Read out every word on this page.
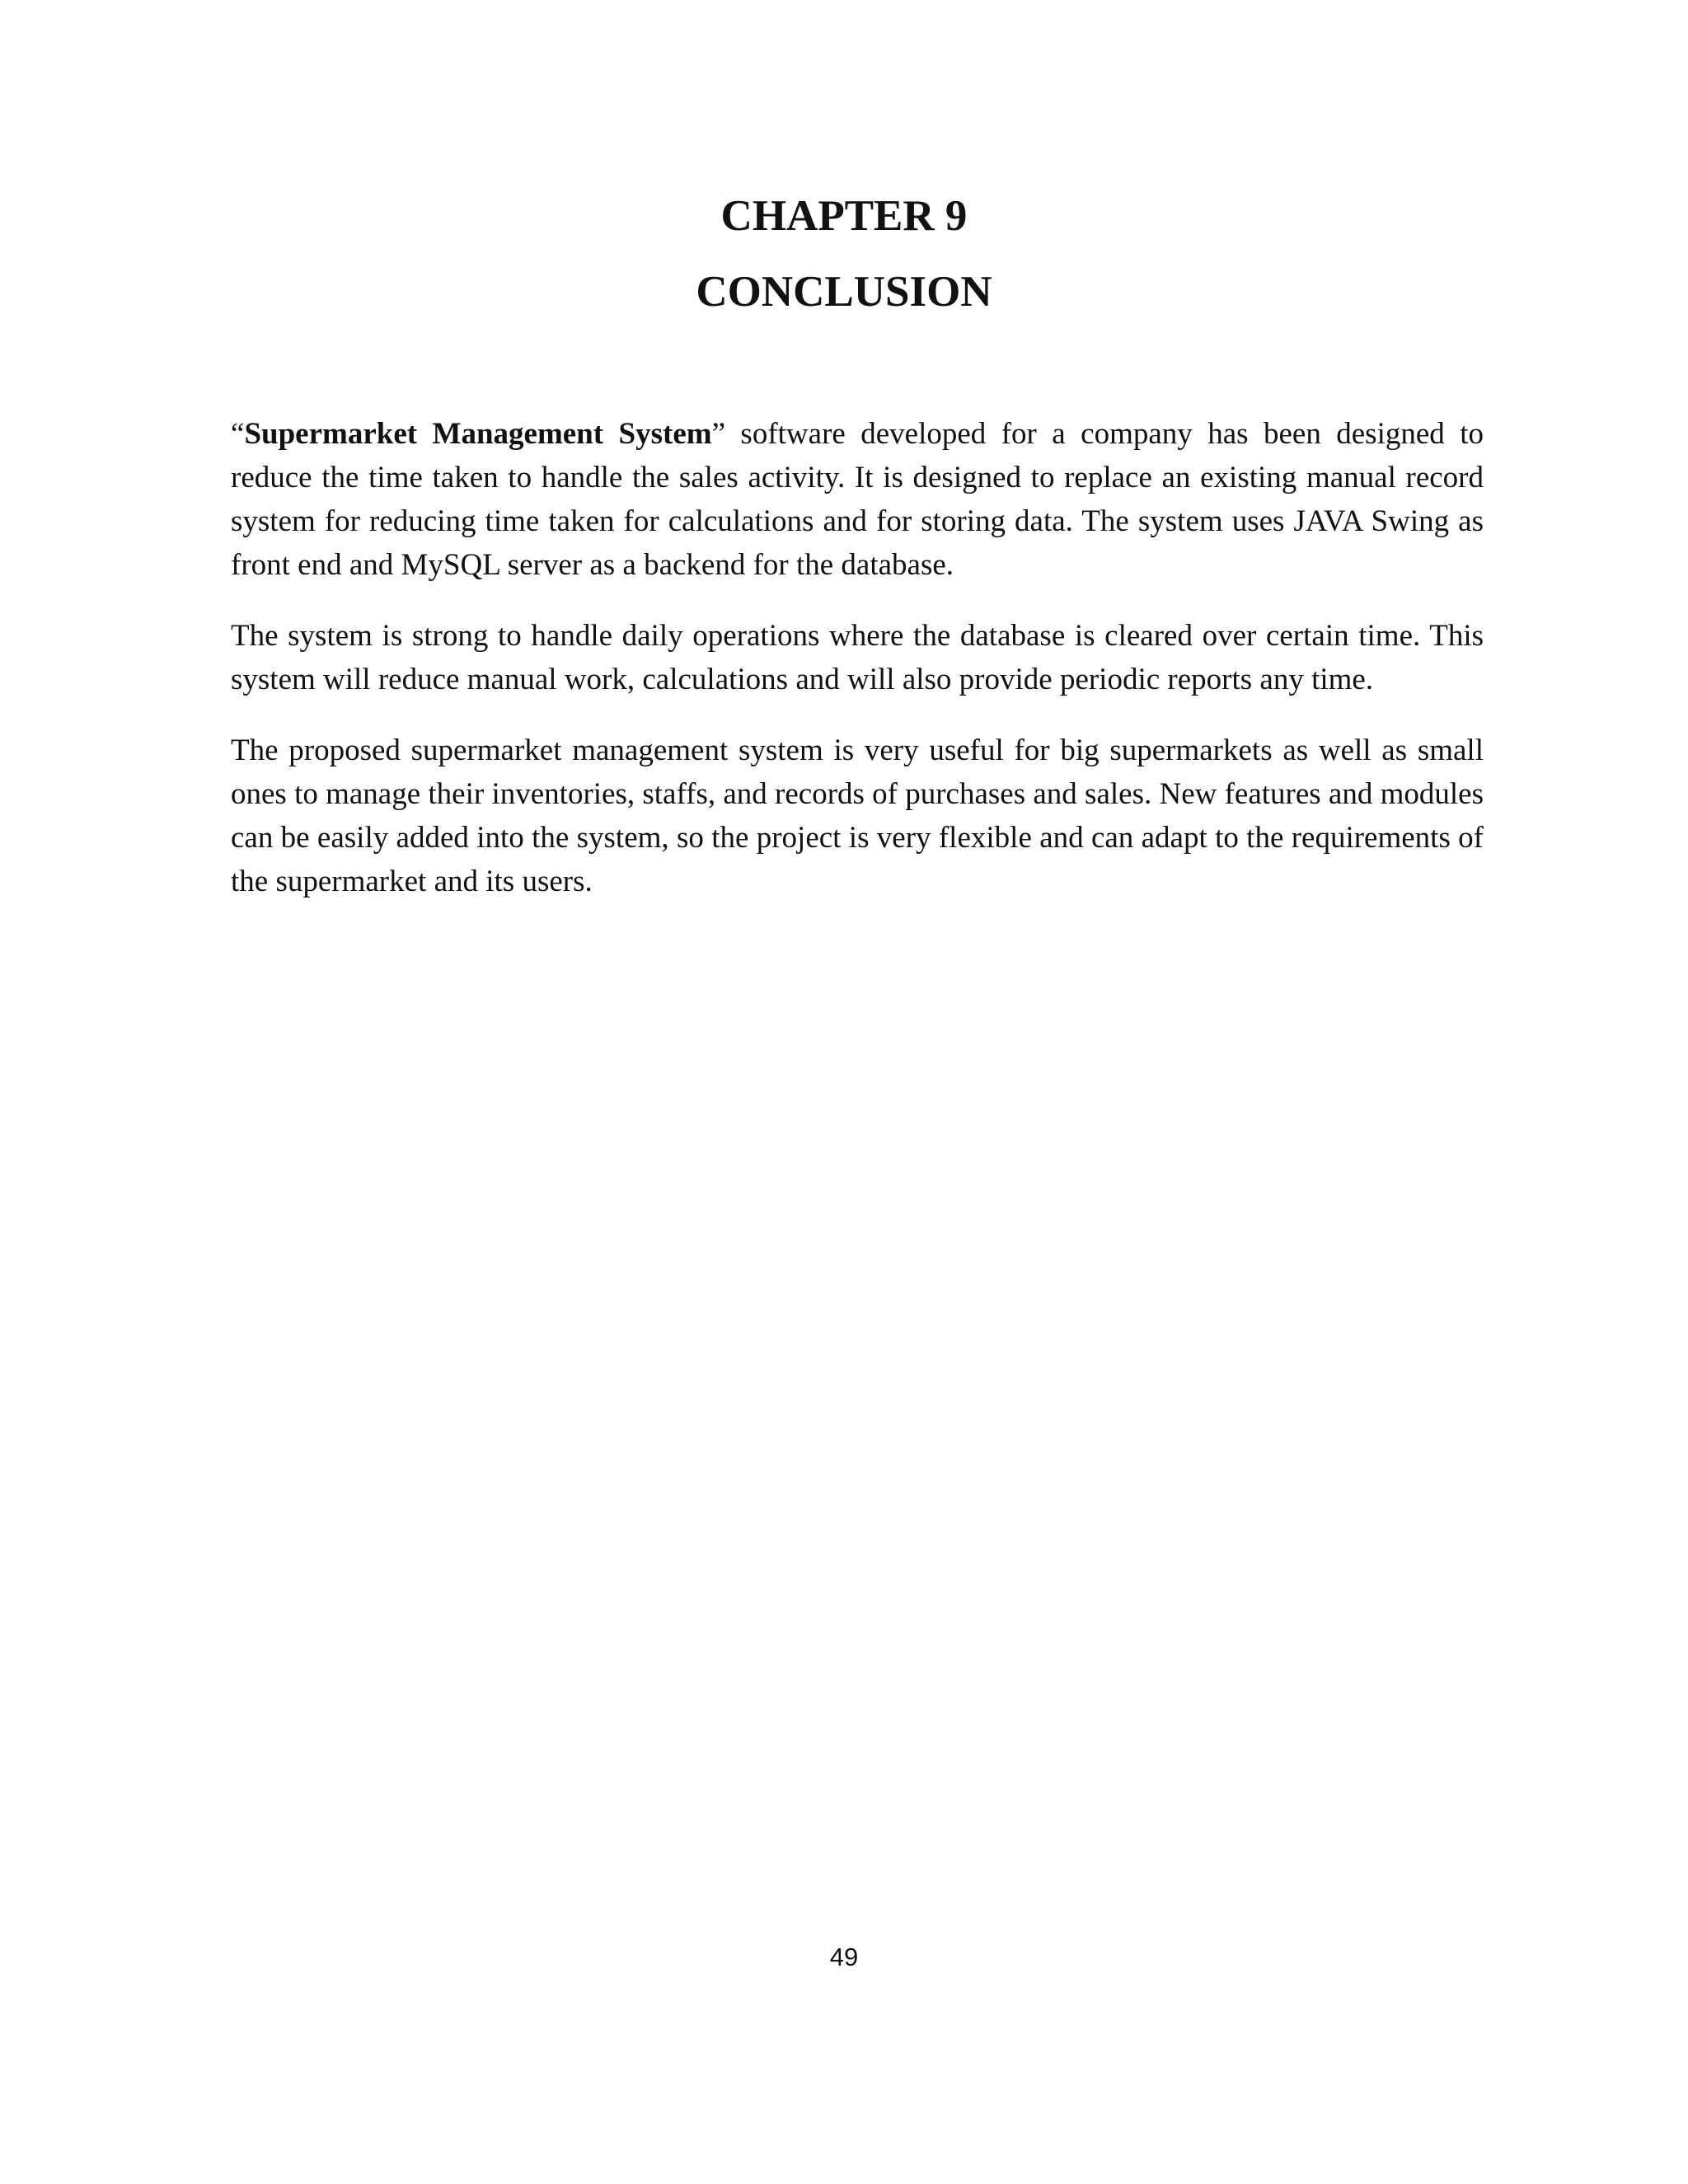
CHAPTER 9
CONCLUSION

“Supermarket Management System” software developed for a company has been designed to reduce the time taken to handle the sales activity. It is designed to replace an existing manual record system for reducing time taken for calculations and for storing data. The system uses JAVA Swing as front end and MySQL server as a backend for the database.

The system is strong to handle daily operations where the database is cleared over certain time. This system will reduce manual work, calculations and will also provide periodic reports any time.

The proposed supermarket management system is very useful for big supermarkets as well as small ones to manage their inventories, staffs, and records of purchases and sales. New features and modules can be easily added into the system, so the project is very flexible and can adapt to the requirements of the supermarket and its users.

49
